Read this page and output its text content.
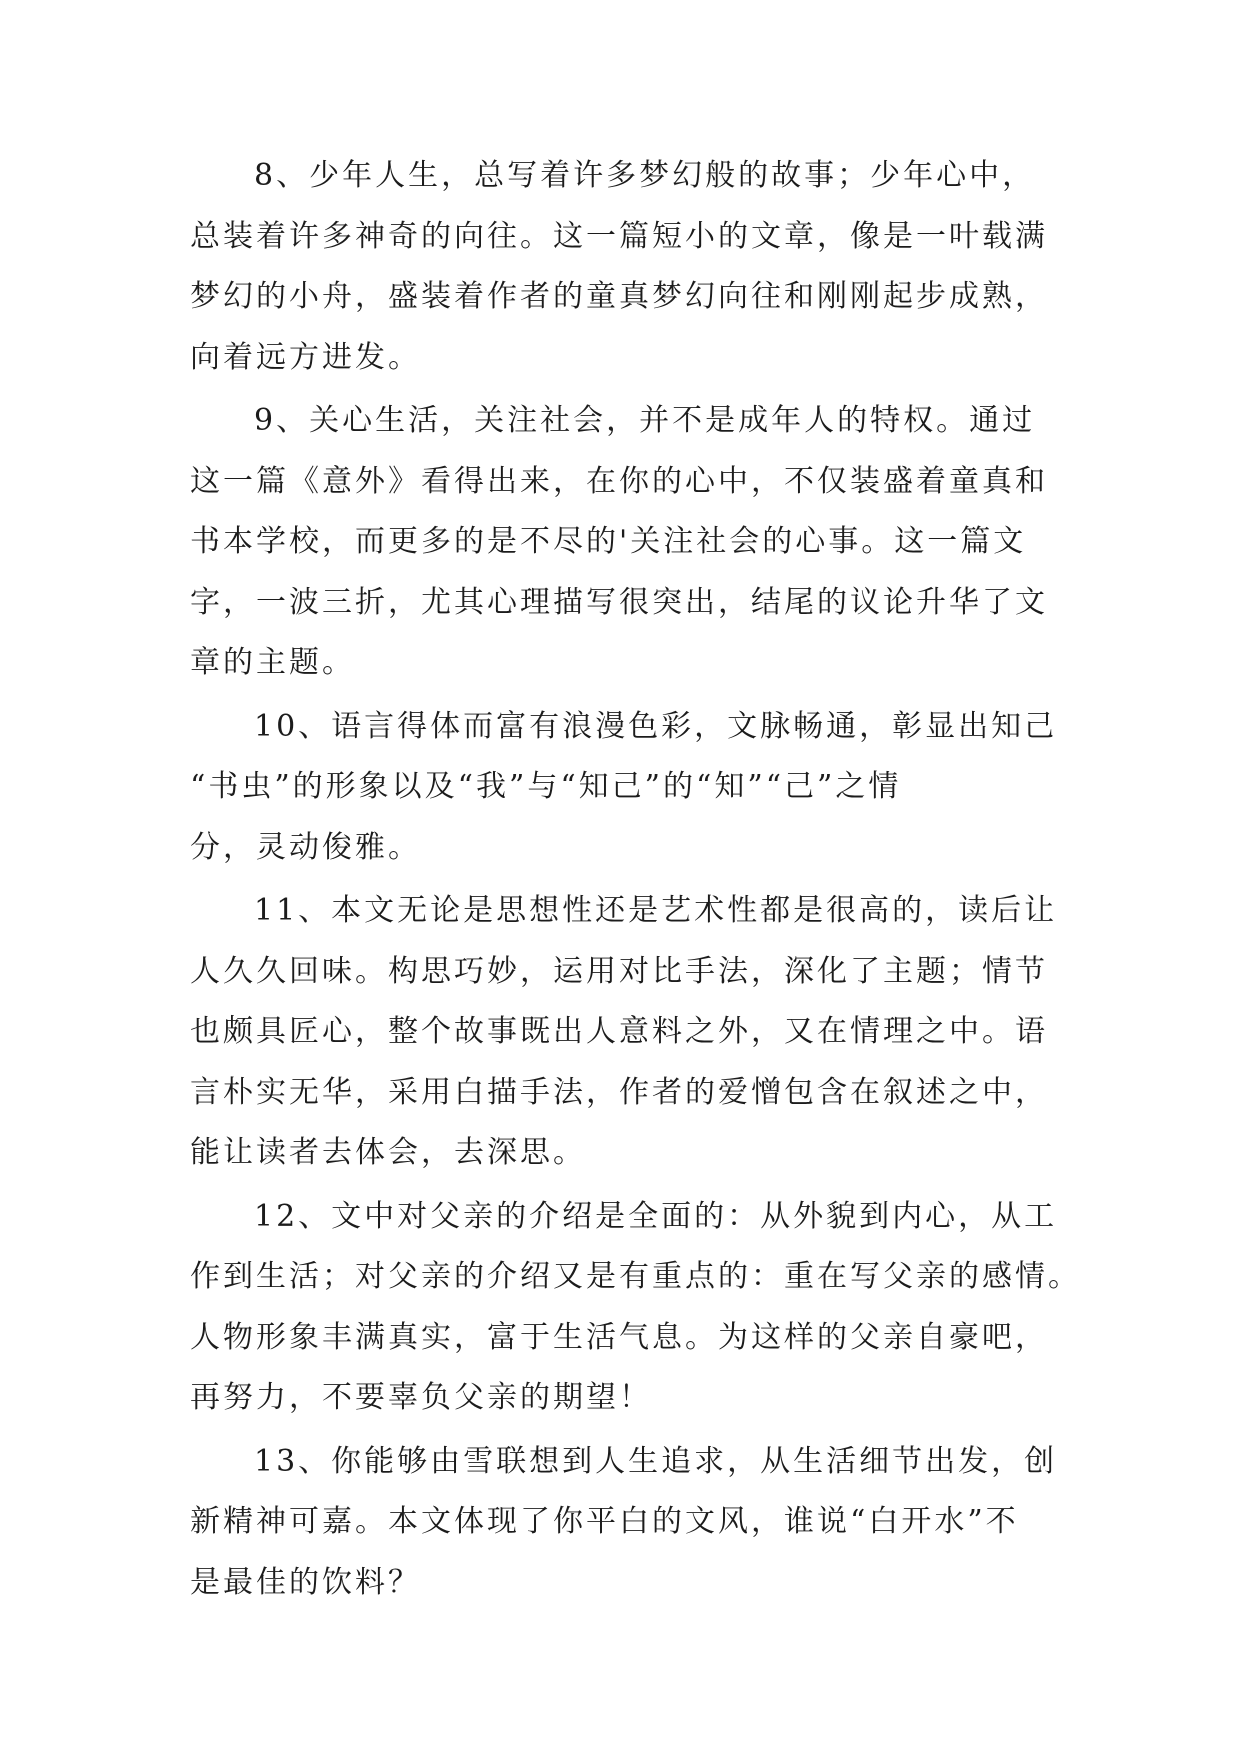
8、少年人生，总写着许多梦幻般的故事；少年心中，
总装着许多神奇的向往。这一篇短小的文章，像是一叶载满
梦幻的小舟，盛装着作者的童真梦幻向往和刚刚起步成熟，
向着远方进发。

9、关心生活，关注社会，并不是成年人的特权。通过
这一篇《意外》看得出来，在你的心中，不仅装盛着童真和
书本学校，而更多的是不尽的'关注社会的心事。这一篇文
字，一波三折，尤其心理描写很突出，结尾的议论升华了文
章的主题。

10、语言得体而富有浪漫色彩，文脉畅通，彰显出知己
“书虫”的形象以及“我”与“知己”的“知”“己”之情
分，灵动俊雅。

11、本文无论是思想性还是艺术性都是很高的，读后让
人久久回味。构思巧妙，运用对比手法，深化了主题；情节
也颇具匠心，整个故事既出人意料之外，又在情理之中。语
言朴实无华，采用白描手法，作者的爱憎包含在叙述之中，
能让读者去体会，去深思。

12、文中对父亲的介绍是全面的：从外貌到内心，从工
作到生活；对父亲的介绍又是有重点的：重在写父亲的感情。
人物形象丰满真实，富于生活气息。为这样的父亲自豪吧，
再努力，不要辜负父亲的期望！

13、你能够由雪联想到人生追求，从生活细节出发，创
新精神可嘉。本文体现了你平白的文风，谁说“白开水”不
是最佳的饮料？
